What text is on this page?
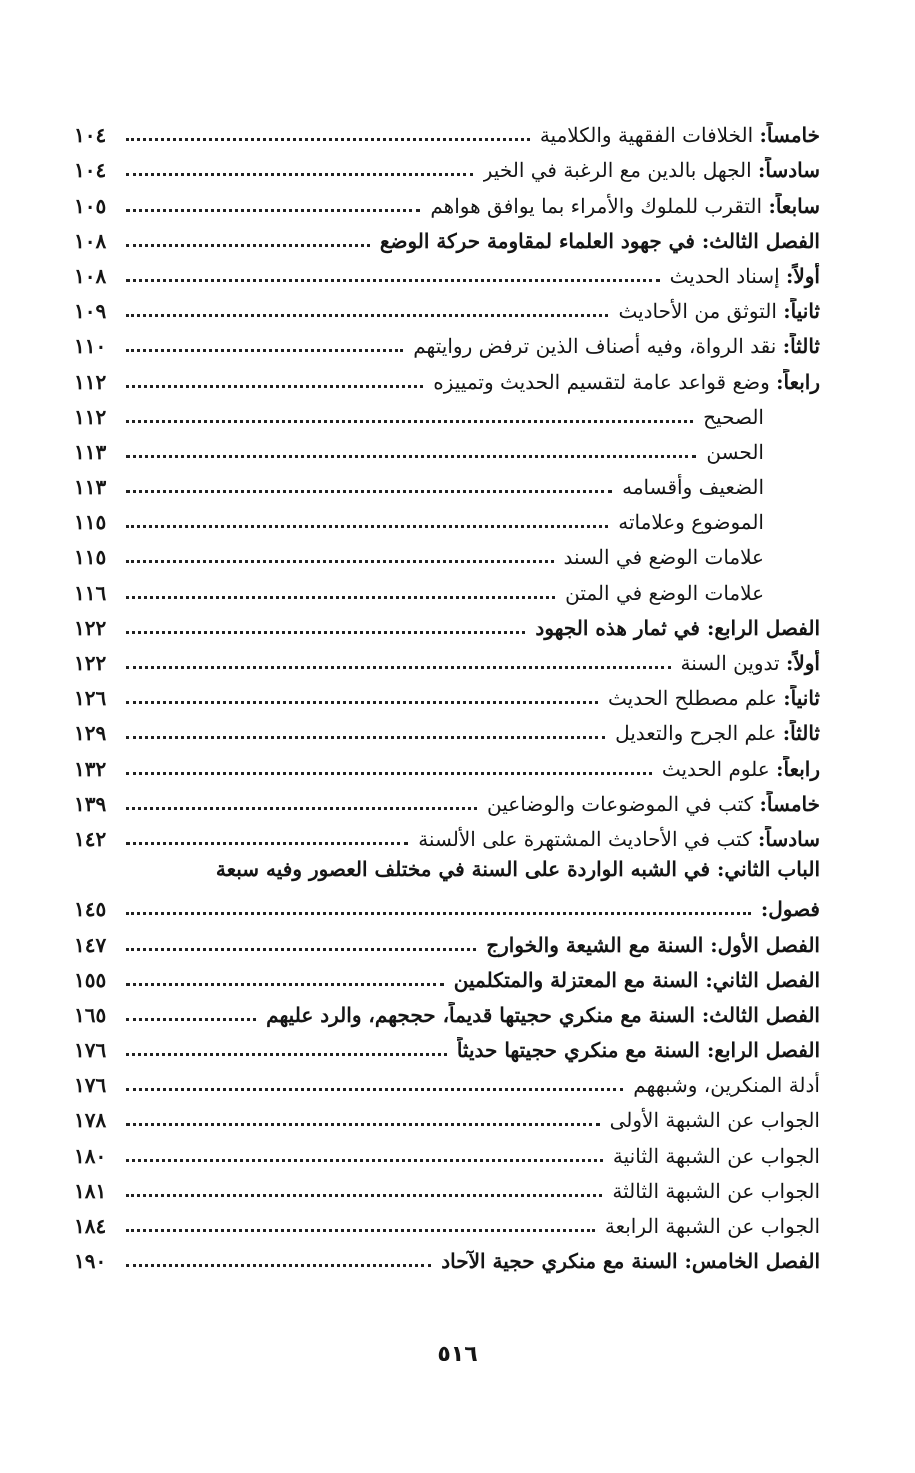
خامساً: الخلافات الفقهية والكلامية
١٠٤
سادساً: الجهل بالدين مع الرغبة في الخير
١٠٤
سابعاً: التقرب للملوك والأمراء بما يوافق هواهم
١٠٥
الفصل الثالث: في جهود العلماء لمقاومة حركة الوضع
١٠٨
أولاً: إسناد الحديث
١٠٨
ثانياً: التوثق من الأحاديث
١٠٩
ثالثاً: نقد الرواة، وفيه أصناف الذين ترفض روايتهم
١١٠
رابعاً: وضع قواعد عامة لتقسيم الحديث وتمييزه
١١٢
الصحيح
١١٢
الحسن
١١٣
الضعيف وأقسامه
١١٣
الموضوع وعلاماته
١١٥
علامات الوضع في السند
١١٥
علامات الوضع في المتن
١١٦
الفصل الرابع: في ثمار هذه الجهود
١٢٢
أولاً: تدوين السنة
١٢٢
ثانياً: علم مصطلح الحديث
١٢٦
ثالثاً: علم الجرح والتعديل
١٢٩
رابعاً: علوم الحديث
١٣٢
خامساً: كتب في الموضوعات والوضاعين
١٣٩
سادساً: كتب في الأحاديث المشتهرة على الألسنة
١٤٢
الباب الثاني: في الشبه الواردة على السنة في مختلف العصور وفيه سبعة
فصول:
١٤٥
الفصل الأول: السنة مع الشيعة والخوارج
١٤٧
الفصل الثاني: السنة مع المعتزلة والمتكلمين
١٥٥
الفصل الثالث: السنة مع منكري حجيتها قديماً، حججهم، والرد عليهم
١٦٥
الفصل الرابع: السنة مع منكري حجيتها حديثاً
١٧٦
أدلة المنكرين، وشبههم
١٧٦
الجواب عن الشبهة الأولى
١٧٨
الجواب عن الشبهة الثانية
١٨٠
الجواب عن الشبهة الثالثة
١٨١
الجواب عن الشبهة الرابعة
١٨٤
الفصل الخامس: السنة مع منكري حجية الآحاد
١٩٠
٥١٦
